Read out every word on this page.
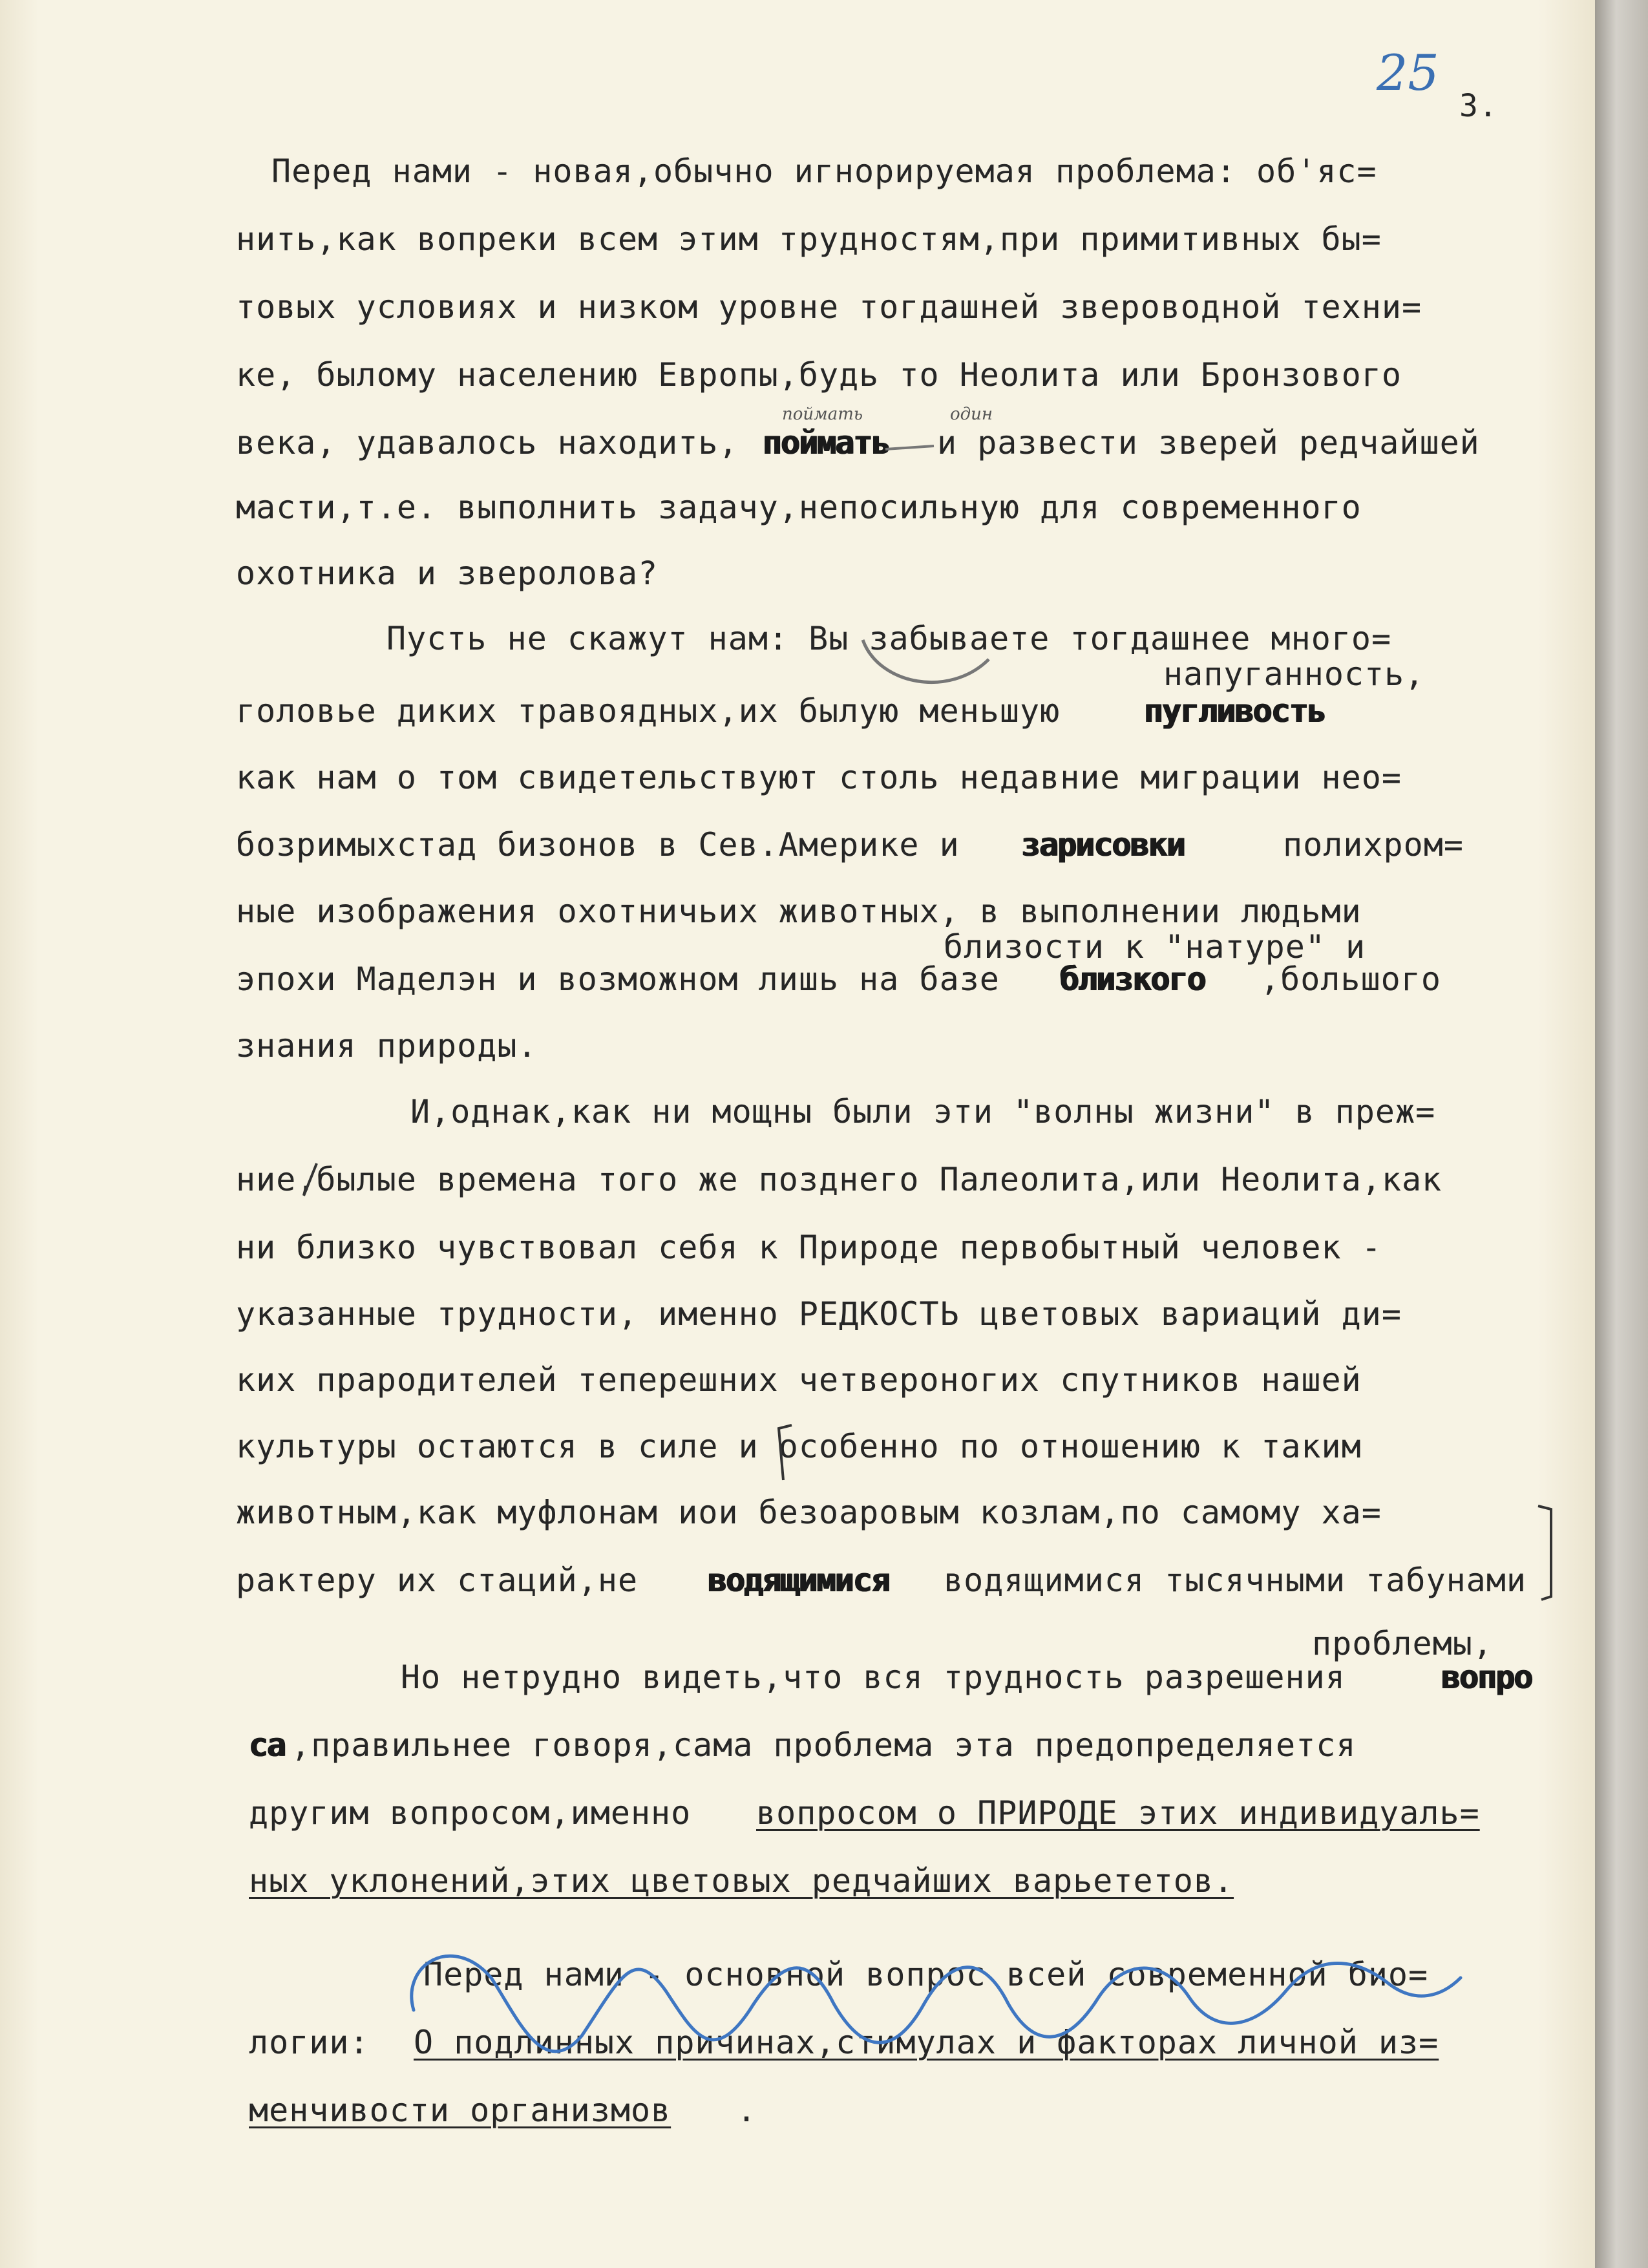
25
3.
Перед нами - новая,обычно игнорируемая проблема: об'яс=
нить,как вопреки всем этим трудностям,при примитивных бы=
товых условиях и низком уровне тогдашней звероводной техни=
ке, былому населению Европы,будь то Неолита или Бронзового
века, удавалось находить, поймать и развести зверей редчайшей
поймать	один
масти,т.е. выполнить задачу,непосильную для современного
охотника и зверолова?
Пусть не скажут нам: Вы забываете тогдашнее много=
напуганность,
головье диких травоядных,их былую меньшую	пугливость
как нам о том свидетельствуют столь недавние миграции нео=
бозримыхстад бизонов в Сев.Америке и зарисовки	полихром=
ные изображения охотничьих животных, в выполнении людьми
близости к "натуре" и
эпохи Маделэн и возможном лишь на базе близкого ,большого
знания природы.
И,однак,как ни мощны были эти "волны жизни" в преж=
ние,былые времена того же позднего Палеолита,или Неолита,как
ни близко чувствовал себя к Природе первобытный человек -
указанные трудности, именно РЕДКОСТЬ цветовых вариаций ди=
ких прародителей теперешних четвероногих спутников нашей
культуры остаются в силе и особенно по отношению к таким
животным,как муфлонам иои безоаровым козлам,по самому ха=
рактеру их стаций,не водящимися водящимися тысячными табунами
проблемы,
Но нетрудно видеть,что вся трудность разрешения	вопро
са ,правильнее говоря,сама проблема эта предопределяется
другим вопросом,именно вопросом о ПРИРОДЕ этих индивидуаль=
ных уклонений,этих цветовых редчайших варьететов.
Перед нами - основной вопрос всей современной био=
логии: О подлинных причинах,стимулах и факторах личной из=
менчивости организмов .
